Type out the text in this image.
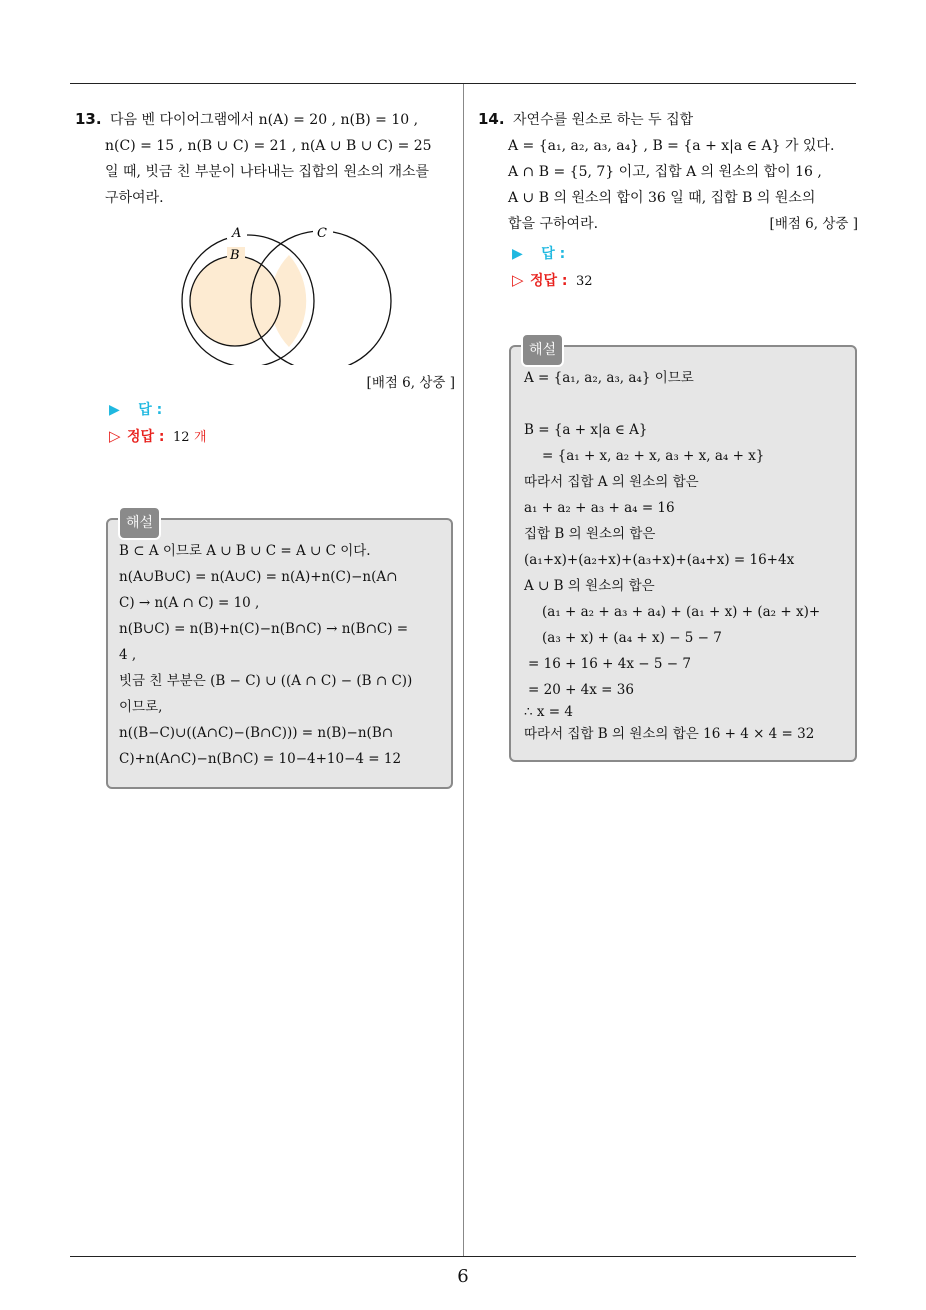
6
13. 다음 벤 다이어그램에서 n(A) = 20 , n(B) = 10 ,
n(C) = 15 , n(B ∪ C) = 21 , n(A ∪ B ∪ C) = 25
일 때, 빗금 친 부분이 나타내는 집합의 원소의 개소를
구하여라.
A
B
C
[배점 6, 상중 ]
▶ 답 :
▷ 정답 : 12 개
해설
B ⊂ A 이므로 A ∪ B ∪ C = A ∪ C 이다.
n(A∪B∪C) = n(A∪C) = n(A)+n(C)−n(A∩
C) → n(A ∩ C) = 10 ,
n(B∪C) = n(B)+n(C)−n(B∩C) → n(B∩C) =
4 ,
빗금 친 부분은 (B − C) ∪ ((A ∩ C) − (B ∩ C))
이므로,
n((B−C)∪((A∩C)−(B∩C))) = n(B)−n(B∩
C)+n(A∩C)−n(B∩C) = 10−4+10−4 = 12
14. 자연수를 원소로 하는 두 집합
A = {a₁, a₂, a₃, a₄} , B = {a + x|a ∈ A} 가 있다.
A ∩ B = {5, 7} 이고, 집합 A 의 원소의 합이 16 ,
A ∪ B 의 원소의 합이 36 일 때, 집합 B 의 원소의
합을 구하여라.	[배점 6, 상중 ]
▶ 답 :
▷ 정답 : 32
해설
A = {a₁, a₂, a₃, a₄} 이므로
B = {a + x|a ∈ A}
= {a₁ + x, a₂ + x, a₃ + x, a₄ + x}
따라서 집합 A 의 원소의 합은
a₁ + a₂ + a₃ + a₄ = 16
집합 B 의 원소의 합은
(a₁+x)+(a₂+x)+(a₃+x)+(a₄+x) = 16+4x
A ∪ B 의 원소의 합은
(a₁ + a₂ + a₃ + a₄) + (a₁ + x) + (a₂ + x)+
(a₃ + x) + (a₄ + x) − 5 − 7
= 16 + 16 + 4x − 5 − 7
= 20 + 4x = 36
∴ x = 4
따라서 집합 B 의 원소의 합은 16 + 4 × 4 = 32
